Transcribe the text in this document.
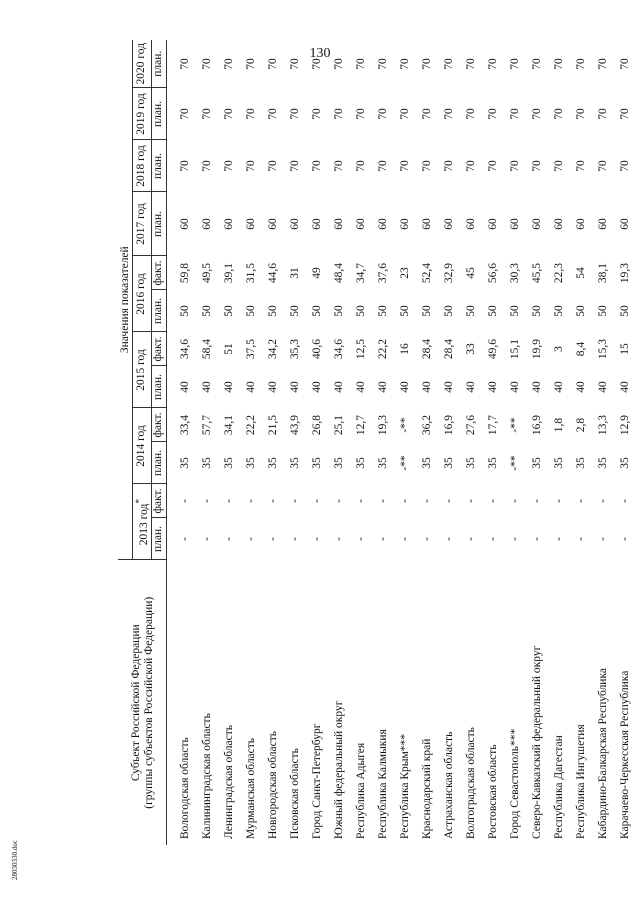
130
Субъект Российской Федерации
(группы субъектов Российской Федерации)	Значения показателей											
	2013 год*		2014 год		2015 год		2016 год		2017 год	2018 год	2019 год	2020 год
	план.	факт.	план.	факт.	план.	факт.	план.	факт.	план.	план.	план.	план.
Вологодская область	-	-	35	33,4	40	34,6	50	59,8	60	70	70	70
Калининградская область	-	-	35	57,7	40	58,4	50	49,5	60	70	70	70
Ленинградская область	-	-	35	34,1	40	51	50	39,1	60	70	70	70
Мурманская область	-	-	35	22,2	40	37,5	50	31,5	60	70	70	70
Новгородская область	-	-	35	21,5	40	34,2	50	44,6	60	70	70	70
Псковская область	-	-	35	43,9	40	35,3	50	31	60	70	70	70
Город Санкт-Петербург	-	-	35	26,8	40	40,6	50	49	60	70	70	70
Южный федеральный округ	-	-	35	25,1	40	34,6	50	48,4	60	70	70	70
Республика Адыгея	-	-	35	12,7	40	12,5	50	34,7	60	70	70	70
Республика Калмыкия	-	-	35	19,3	40	22,2	50	37,6	60	70	70	70
Республика Крым***	-	-	-**	-**	40	16	50	23	60	70	70	70
Краснодарский край	-	-	35	36,2	40	28,4	50	52,4	60	70	70	70
Астраханская область	-	-	35	16,9	40	28,4	50	32,9	60	70	70	70
Волгоградская область	-	-	35	27,6	40	33	50	45	60	70	70	70
Ростовская область	-	-	35	17,7	40	49,6	50	56,6	60	70	70	70
Город Севастополь***	-	-	-**	-**	40	15,1	50	30,3	60	70	70	70
Северо-Кавказский федеральный округ	-	-	35	16,9	40	19,9	50	45,5	60	70	70	70
Республика Дагестан	-	-	35	1,8	40	3	50	22,3	60	70	70	70
Республика Ингушетия	-	-	35	2,8	40	8,4	50	54	60	70	70	70
Кабардино-Балкарская Республика	-	-	35	13,3	40	15,3	50	38,1	60	70	70	70
Карачаево-Черкесская Республика	-	-	35	12,9	40	15	50	19,3	60	70	70	70
28030330.doc
